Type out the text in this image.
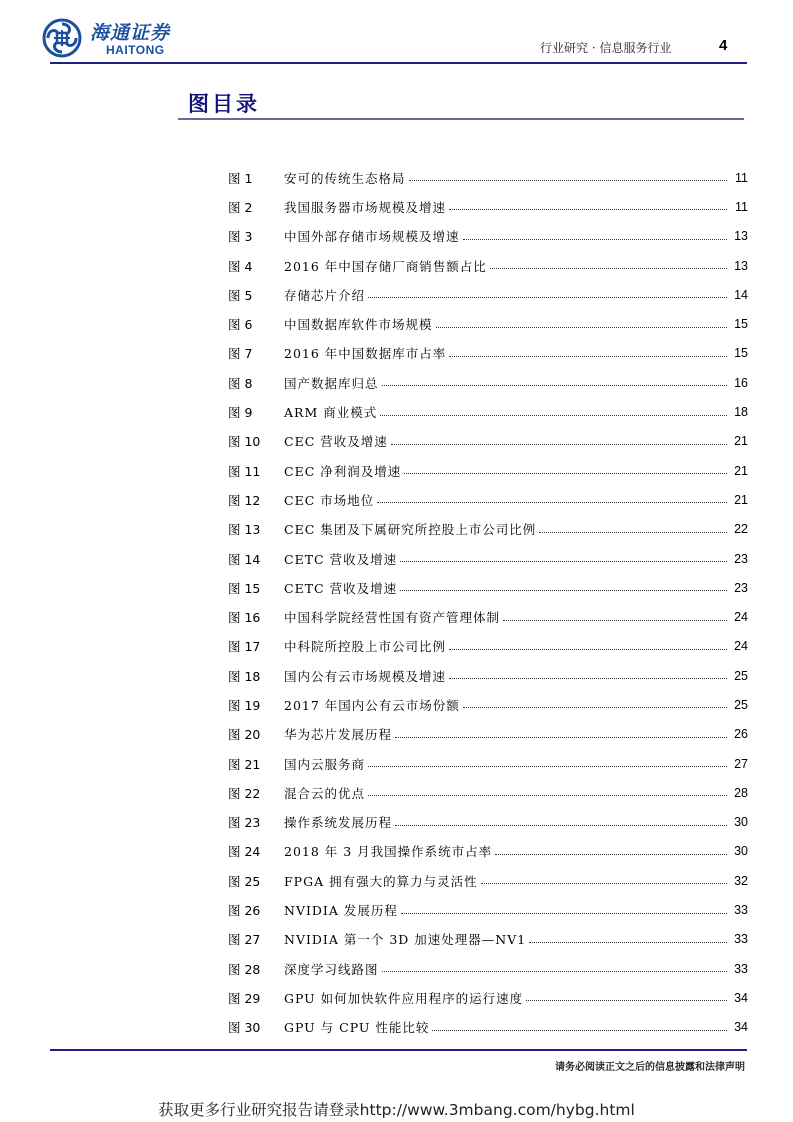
海通证券
HAITONG	行业研究 · 信息服务行业	4
图目录
图 1	安可的传统生态格局	11
图 2	我国服务器市场规模及增速	11
图 3	中国外部存储市场规模及增速	13
图 4	2016 年中国存储厂商销售额占比	13
图 5	存储芯片介绍	14
图 6	中国数据库软件市场规模	15
图 7	2016 年中国数据库市占率	15
图 8	国产数据库归总	16
图 9	ARM 商业模式	18
图 10	CEC 营收及增速	21
图 11	CEC 净利润及增速	21
图 12	CEC 市场地位	21
图 13	CEC 集团及下属研究所控股上市公司比例	22
图 14	CETC 营收及增速	23
图 15	CETC 营收及增速	23
图 16	中国科学院经营性国有资产管理体制	24
图 17	中科院所控股上市公司比例	24
图 18	国内公有云市场规模及增速	25
图 19	2017 年国内公有云市场份额	25
图 20	华为芯片发展历程	26
图 21	国内云服务商	27
图 22	混合云的优点	28
图 23	操作系统发展历程	30
图 24	2018 年 3 月我国操作系统市占率	30
图 25	FPGA 拥有强大的算力与灵活性	32
图 26	NVIDIA 发展历程	33
图 27	NVIDIA 第一个 3D 加速处理器—NV1	33
图 28	深度学习线路图	33
图 29	GPU 如何加快软件应用程序的运行速度	34
图 30	GPU 与 CPU 性能比较	34
请务必阅读正文之后的信息披露和法律声明
获取更多行业研究报告请登录http://www.3mbang.com/hybg.html
